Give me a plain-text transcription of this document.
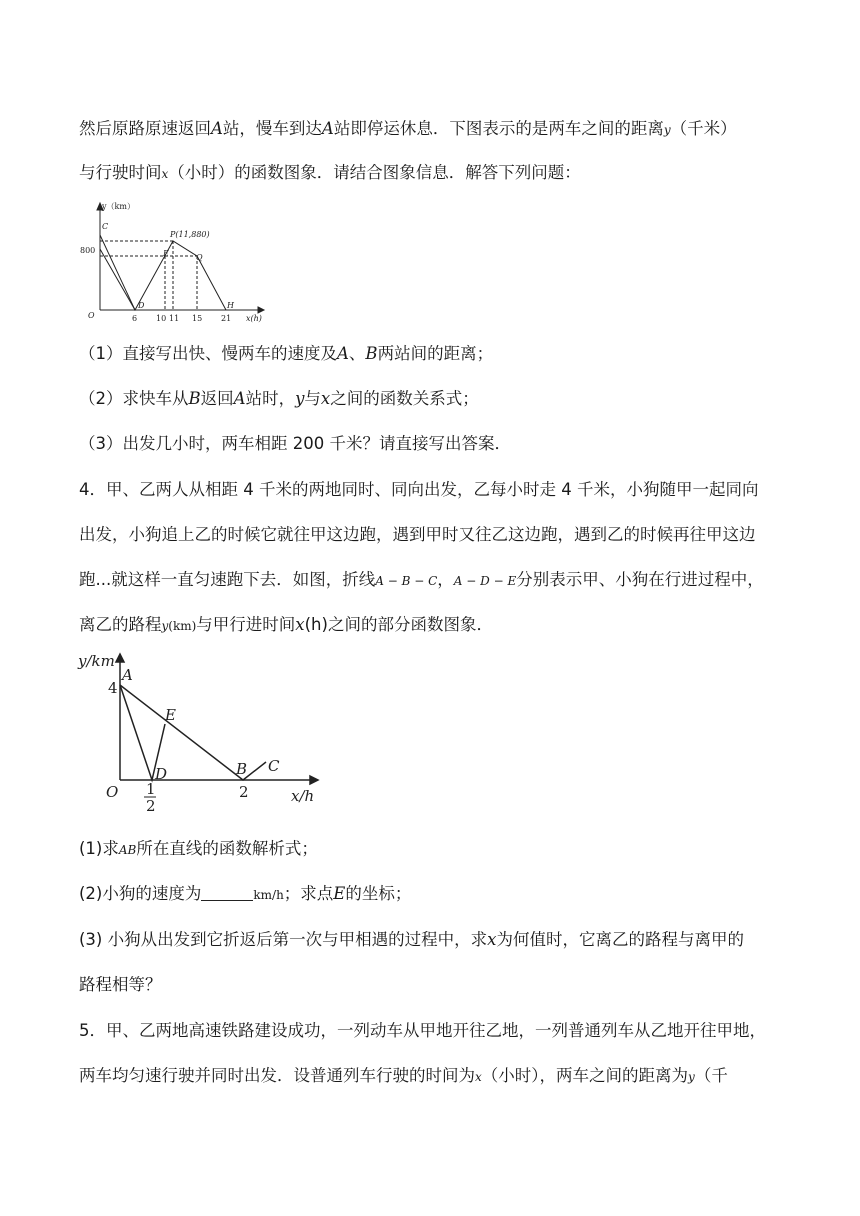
然后原路原速返回A站，慢车到达A站即停运休息．下图表示的是两车之间的距离y（千米）
与行驶时间x（小时）的函数图象．请结合图象信息．解答下列问题：
y（km）
x(h)
O
800
C
D
E
P(11,880)
Q
H
6 10 11 15 21
（1）直接写出快、慢两车的速度及A、B两站间的距离；
（2）求快车从B返回A站时，y与x之间的函数关系式；
（3）出发几小时，两车相距 200 千米？请直接写出答案．
4．甲、乙两人从相距 4 千米的两地同时、同向出发，乙每小时走 4 千米，小狗随甲一起同向
出发，小狗追上乙的时候它就往甲这边跑，遇到甲时又往乙这边跑，遇到乙的时候再往甲这边
跑...就这样一直匀速跑下去．如图，折线A − B − C，A − D − E分别表示甲、小狗在行进过程中，
离乙的路程y(km)与甲行进时间x(h)之间的部分函数图象．
y/km
x/h
O
4
1
2
2
A
B C
D
E
(1)求AB所在直线的函数解析式；
(2)小狗的速度为	km/h；求点E的坐标；
(3) 小狗从出发到它折返后第一次与甲相遇的过程中，求x为何值时，它离乙的路程与离甲的
路程相等？
5．甲、乙两地高速铁路建设成功，一列动车从甲地开往乙地，一列普通列车从乙地开往甲地，
两车均匀速行驶并同时出发．设普通列车行驶的时间为x（小时），两车之间的距离为y（千
